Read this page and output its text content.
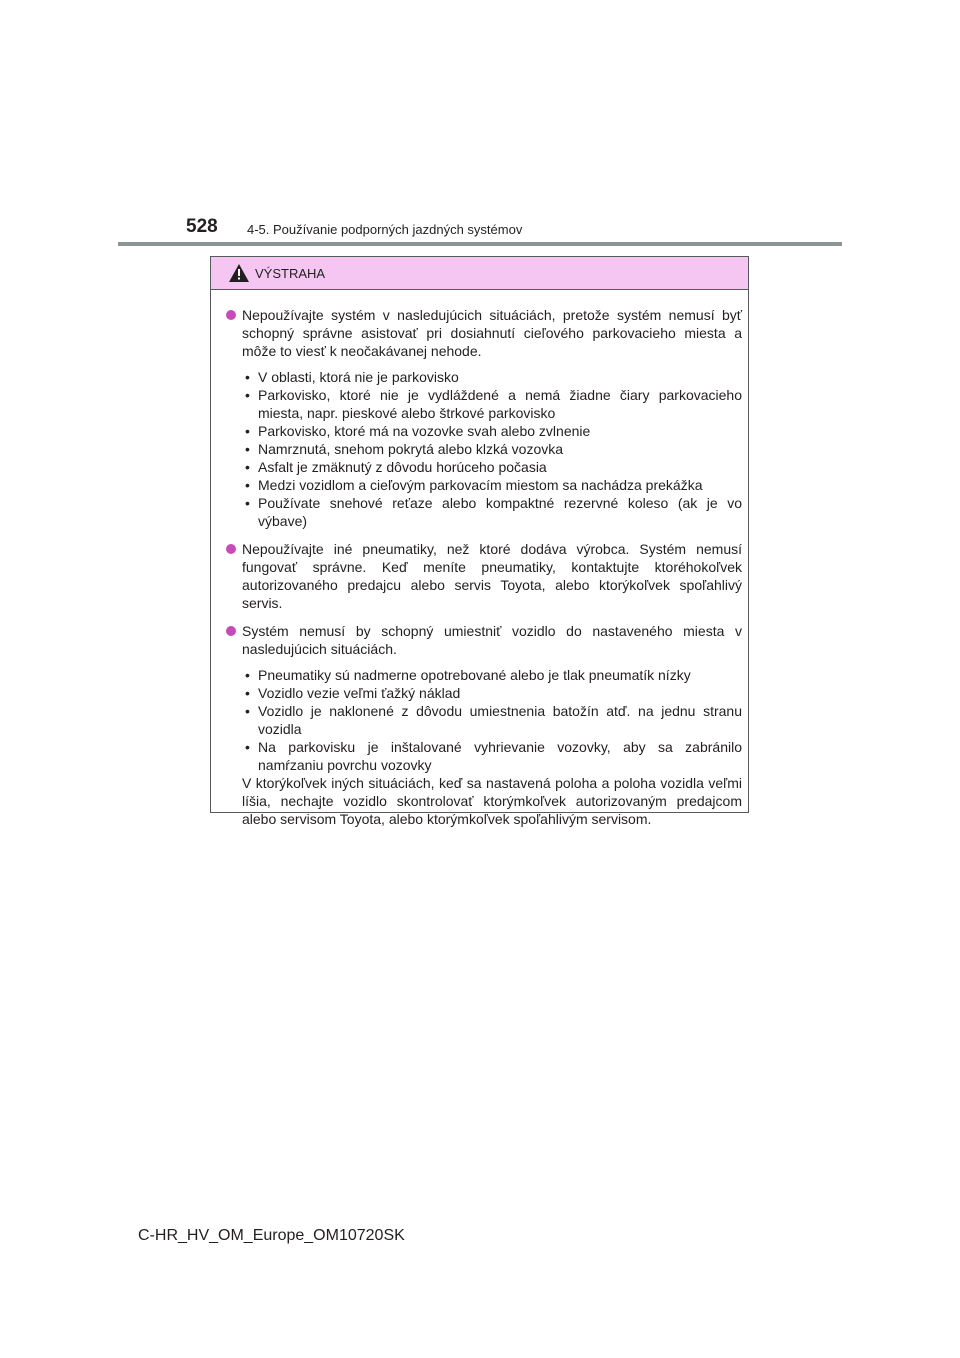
528 4-5. Používanie podporných jazdných systémov
VÝSTRAHA
Nepoužívajte systém v nasledujúcich situáciách, pretože systém nemusí byť schopný správne asistovať pri dosiahnutí cieľového parkovacieho miesta a môže to viesť k neočakávanej nehode.
• V oblasti, ktorá nie je parkovisko
• Parkovisko, ktoré nie je vydláždené a nemá žiadne čiary parkovacieho miesta, napr. pieskové alebo štrkové parkovisko
• Parkovisko, ktoré má na vozovke svah alebo zvlnenie
• Namrznutá, snehom pokrytá alebo klzká vozovka
• Asfalt je zmäknutý z dôvodu horúceho počasia
• Medzi vozidlom a cieľovým parkovacím miestom sa nachádza prekážka
• Používate snehové reťaze alebo kompaktné rezervné koleso (ak je vo výbave)
Nepoužívajte iné pneumatiky, než ktoré dodáva výrobca. Systém nemusí fungovať správne. Keď meníte pneumatiky, kontaktujte ktoréhokoľvek autorizovaného predajcu alebo servis Toyota, alebo ktorýkoľvek spoľahlivý servis.
Systém nemusí by schopný umiestniť vozidlo do nastaveného miesta v nasledujúcich situáciách.
• Pneumatiky sú nadmerne opotrebované alebo je tlak pneumatík nízky
• Vozidlo vezie veľmi ťažký náklad
• Vozidlo je naklonené z dôvodu umiestnenia batožín atď. na jednu stranu vozidla
• Na parkovisku je inštalované vyhrievanie vozovky, aby sa zabránilo namŕzaniu povrchu vozovky
V ktorýkoľvek iných situáciách, keď sa nastavená poloha a poloha vozidla veľmi líšia, nechajte vozidlo skontrolovať ktorýmkoľvek autorizovaným predajcom alebo servisom Toyota, alebo ktorýmkoľvek spoľahlivým servisom.
C-HR_HV_OM_Europe_OM10720SK
